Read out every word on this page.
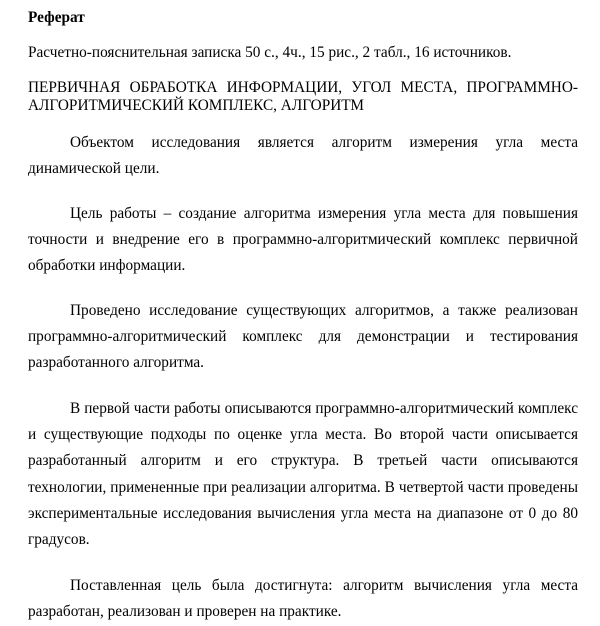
Реферат

Расчетно-пояснительная записка 50 с., 4ч., 15 рис., 2 табл., 16 источников.

ПЕРВИЧНАЯ ОБРАБОТКА ИНФОРМАЦИИ, УГОЛ МЕСТА, ПРОГРАММНО-АЛГОРИТМИЧЕСКИЙ КОМПЛЕКС, АЛГОРИТМ

Объектом исследования является алгоритм измерения угла места динамической цели.

Цель работы – создание алгоритма измерения угла места для повышения точности и внедрение его в программно-алгоритмический комплекс первичной обработки информации.

Проведено исследование существующих алгоритмов, а также реализован программно-алгоритмический комплекс для демонстрации и тестирования разработанного алгоритма.

В первой части работы описываются программно-алгоритмический комплекс и существующие подходы по оценке угла места. Во второй части описывается разработанный алгоритм и его структура. В третьей части описываются технологии, примененные при реализации алгоритма. В четвертой части проведены экспериментальные исследования вычисления угла места на диапазоне от 0 до 80 градусов.

Поставленная цель была достигнута: алгоритм вычисления угла места разработан, реализован и проверен на практике.
